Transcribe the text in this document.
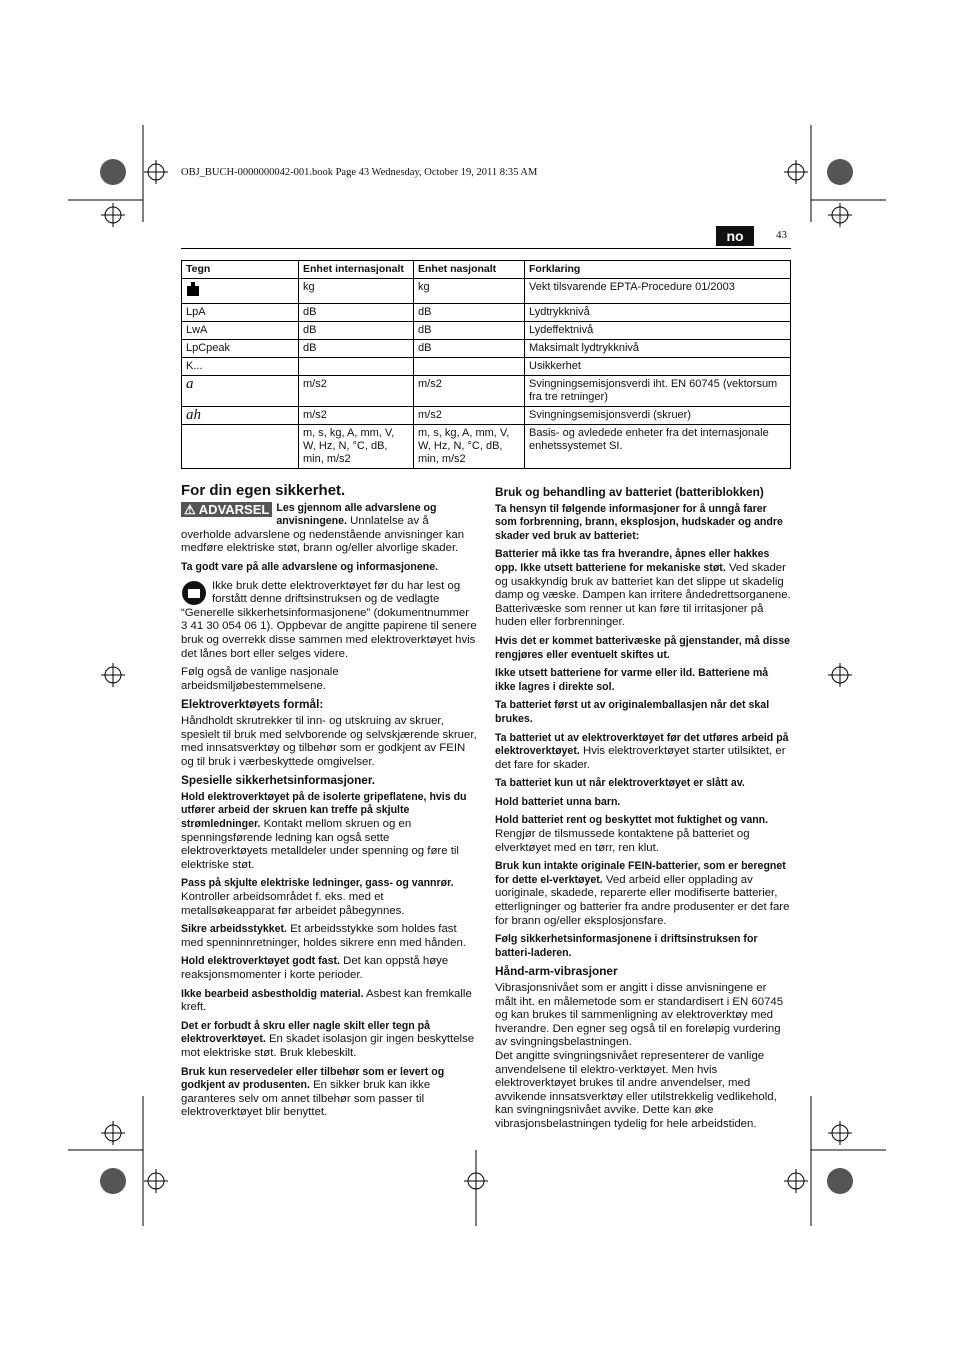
OBJ_BUCH-0000000042-001.book Page 43 Wednesday, October 19, 2011 8:35 AM
no	43
Tegn	Enhet internasjonalt	Enhet nasjonalt	Forklaring
	kg	kg	Vekt tilsvarende EPTA-Procedure 01/2003
LpA	dB	dB	Lydtrykknivå
LwA	dB	dB	Lydeffektnivå
LpCpeak	dB	dB	Maksimalt lydtrykknivå
K...			Usikkerhet
a	m/s2	m/s2	Svingningsemisjonsverdi iht. EN 60745 (vektorsum fra tre retninger)
ah	m/s2	m/s2	Svingningsemisjonsverdi (skruer)
	m, s, kg, A, mm, V, W, Hz, N, °C, dB, min, m/s2	m, s, kg, A, mm, V, W, Hz, N, °C, dB, min, m/s2	Basis- og avledede enheter fra det internasjonale enhetssystemet SI.
For din egen sikkerhet.

⚠ ADVARSEL Les gjennom alle advarslene og anvisningene. Unnlatelse av å overholde advarslene og nedenstående anvisninger kan medføre elektriske støt, brann og/eller alvorlige skader.

Ta godt vare på alle advarslene og informasjonene.

Ikke bruk dette elektroverktøyet før du har lest og forstått denne driftsinstruksen og de vedlagte “Generelle sikkerhetsinformasjonene” (dokumentnummer 3 41 30 054 06 1). Oppbevar de angitte papirene til senere bruk og overrekk disse sammen med elektroverktøyet hvis det lånes bort eller selges videre.

Følg også de vanlige nasjonale arbeidsmiljøbestemmelsene.

Elektroverktøyets formål:

Håndholdt skrutrekker til inn- og utskruing av skruer, spesielt til bruk med selvborende og selvskjærende skruer, med innsatsverktøy og tilbehør som er godkjent av FEIN og til bruk i værbeskyttede omgivelser.

Spesielle sikkerhetsinformasjoner.

Hold elektroverktøyet på de isolerte gripeflatene, hvis du utfører arbeid der skruen kan treffe på skjulte strømledninger. Kontakt mellom skruen og en spenningsførende ledning kan også sette elektroverktøyets metalldeler under spenning og føre til elektriske støt.

Pass på skjulte elektriske ledninger, gass- og vannrør. Kontroller arbeidsområdet f. eks. med et metallsøkeapparat før arbeidet påbegynnes.

Sikre arbeidsstykket. Et arbeidsstykke som holdes fast med spenninnretninger, holdes sikrere enn med hånden.

Hold elektroverktøyet godt fast. Det kan oppstå høye reaksjonsmomenter i korte perioder.

Ikke bearbeid asbestholdig material. Asbest kan fremkalle kreft.

Det er forbudt å skru eller nagle skilt eller tegn på elektroverktøyet. En skadet isolasjon gir ingen beskyttelse mot elektriske støt. Bruk klebeskilt.

Bruk kun reservedeler eller tilbehør som er levert og godkjent av produsenten. En sikker bruk kan ikke garanteres selv om annet tilbehør som passer til elektroverktøyet blir benyttet.

Bruk og behandling av batteriet (batteriblokken)

Ta hensyn til følgende informasjoner for å unngå farer som forbrenning, brann, eksplosjon, hudskader og andre skader ved bruk av batteriet:

Batterier må ikke tas fra hverandre, åpnes eller hakkes opp. Ikke utsett batteriene for mekaniske støt. Ved skader og usakkyndig bruk av batteriet kan det slippe ut skadelig damp og væske. Dampen kan irritere åndedrettsorganene. Batterivæske som renner ut kan føre til irritasjoner på huden eller forbrenninger.

Hvis det er kommet batterivæske på gjenstander, må disse rengjøres eller eventuelt skiftes ut.

Ikke utsett batteriene for varme eller ild. Batteriene må ikke lagres i direkte sol.

Ta batteriet først ut av originalemballasjen når det skal brukes.

Ta batteriet ut av elektroverktøyet før det utføres arbeid på elektroverktøyet. Hvis elektroverktøyet starter utilsiktet, er det fare for skader.

Ta batteriet kun ut når elektroverktøyet er slått av.

Hold batteriet unna barn.

Hold batteriet rent og beskyttet mot fuktighet og vann. Rengjør de tilsmussede kontaktene på batteriet og elverktøyet med en tørr, ren klut.

Bruk kun intakte originale FEIN-batterier, som er beregnet for dette el-verktøyet. Ved arbeid eller opplading av uoriginale, skadede, reparerte eller modifiserte batterier, etterligninger og batterier fra andre produsenter er det fare for brann og/eller eksplosjonsfare.

Følg sikkerhetsinformasjonene i driftsinstruksen for batteri-laderen.

Hånd-arm-vibrasjoner

Vibrasjonsnivået som er angitt i disse anvisningene er målt iht. en målemetode som er standardisert i EN 60745 og kan brukes til sammenligning av elektroverktøy med hverandre. Den egner seg også til en foreløpig vurdering av svingningsbelastningen.

Det angitte svingningsnivået representerer de vanlige anvendelsene til elektro-verktøyet. Men hvis elektroverktøyet brukes til andre anvendelser, med avvikende innsatsverktøy eller utilstrekkelig vedlikehold, kan svingningsnivået avvike. Dette kan øke vibrasjonsbelastningen tydelig for hele arbeidstiden.
